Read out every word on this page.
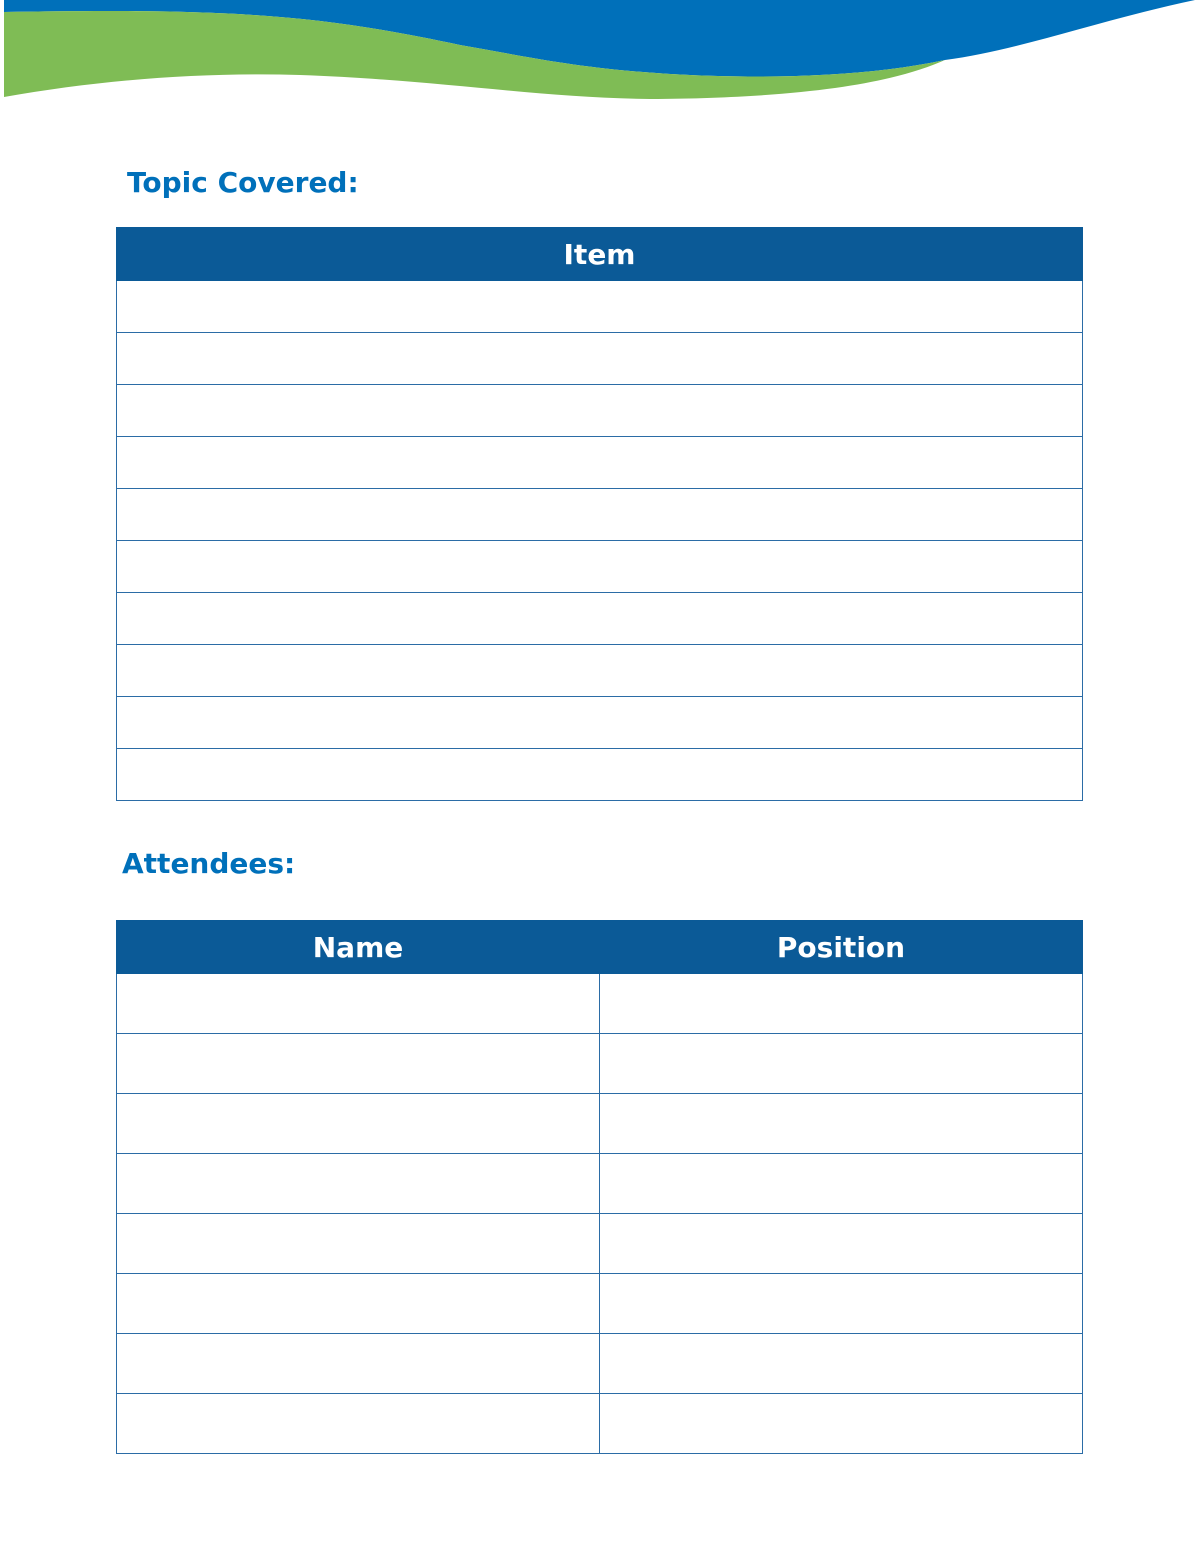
Topic Covered:
Item

Attendees:
Name	Position
